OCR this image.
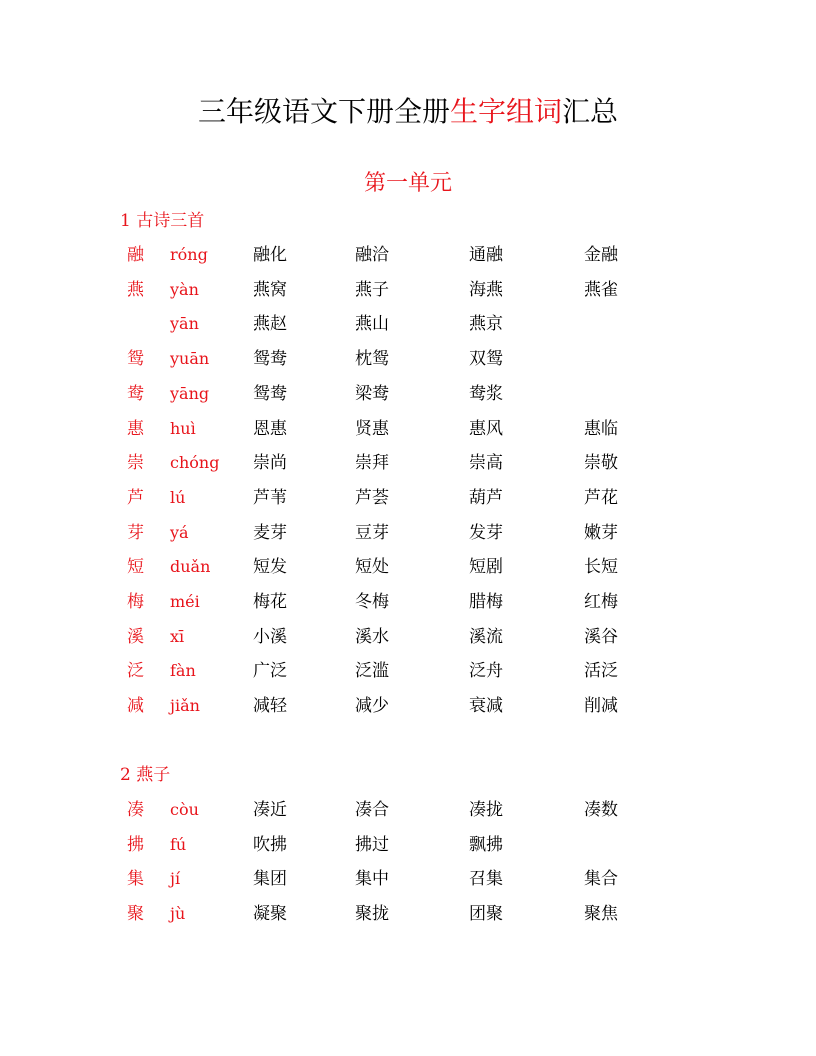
三年级语文下册全册生字组词汇总
第一单元
1 古诗三首
融 róng	融化	融洽	通融	金融
燕 yàn	燕窝	燕子	海燕	燕雀
yān	燕赵	燕山	燕京
鸳 yuān	鸳鸯	枕鸳	双鸳
鸯 yāng	鸳鸯	梁鸯	鸯浆
惠 huì	恩惠	贤惠	惠风	惠临
崇 chóng 崇尚	崇拜	崇高	崇敬
芦 lú	芦苇	芦荟	葫芦	芦花
芽 yá	麦芽	豆芽	发芽	嫩芽
短 duǎn	短发	短处	短剧	长短
梅 méi	梅花	冬梅	腊梅	红梅
溪 xī	小溪	溪水	溪流	溪谷
泛 fàn	广泛	泛滥	泛舟	活泛
减 jiǎn	减轻	减少	衰减	削减
2 燕子
凑 còu	凑近	凑合	凑拢	凑数
拂 fú	吹拂	拂过	飘拂
集 jí	集团	集中	召集	集合
聚 jù	凝聚	聚拢	团聚	聚焦
